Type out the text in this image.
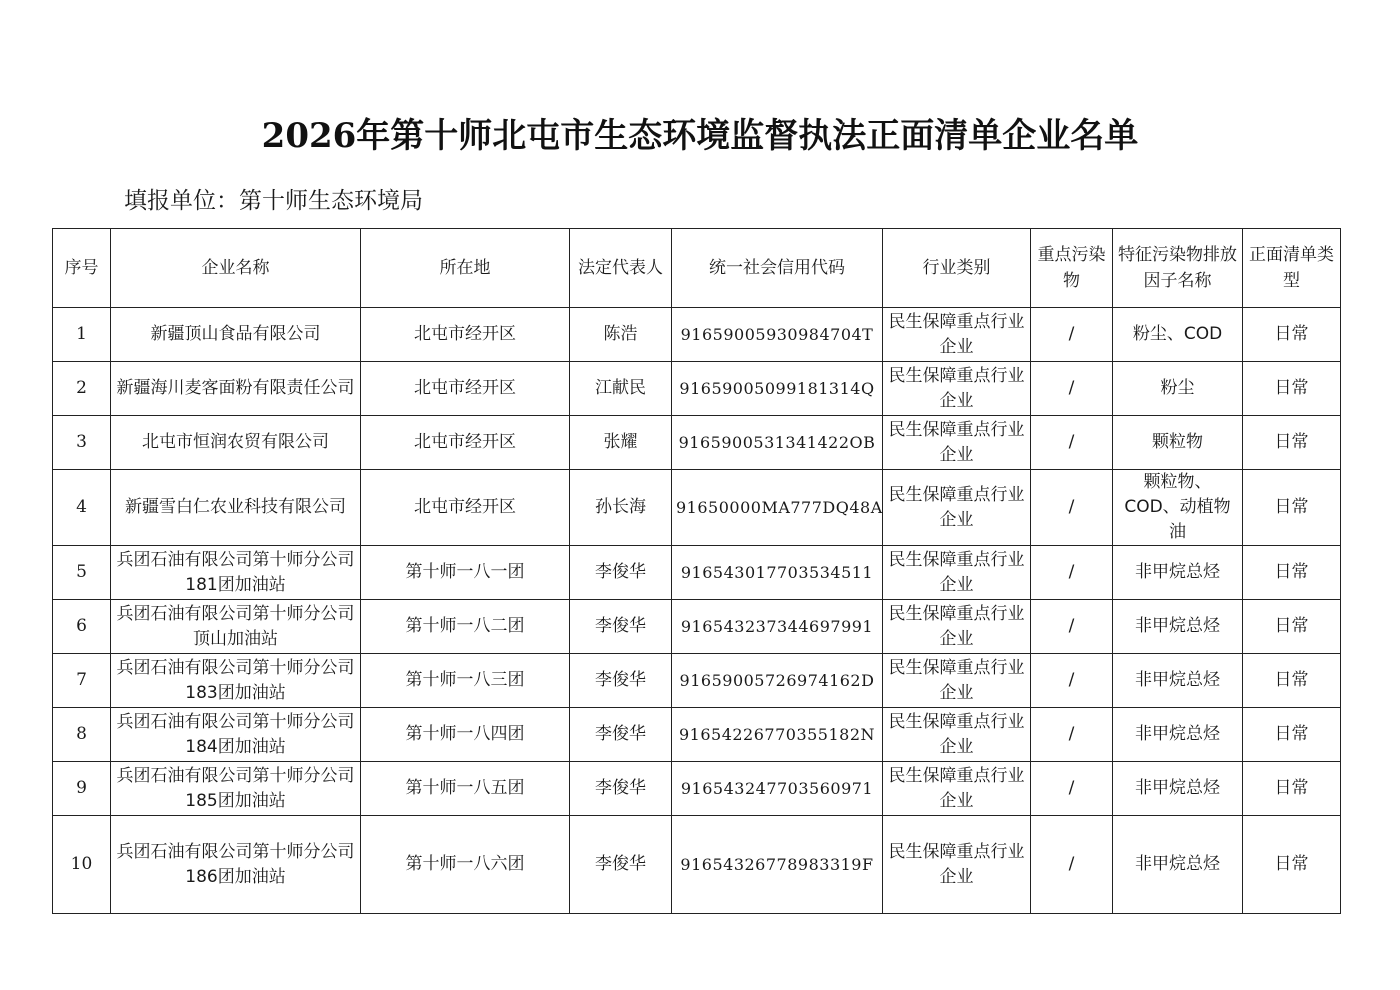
2026年第十师北屯市生态环境监督执法正面清单企业名单
填报单位：第十师生态环境局
序号	企业名称	所在地	法定代表人	统一社会信用代码	行业类别	重点污染物	特征污染物排放因子名称	正面清单类型
1	新疆顶山食品有限公司	北屯市经开区	陈浩	91659005930984704T	民生保障重点行业企业	/	粉尘、COD	日常
2	新疆海川麦客面粉有限责任公司	北屯市经开区	江献民	91659005099181314Q	民生保障重点行业企业	/	粉尘	日常
3	北屯市恒润农贸有限公司	北屯市经开区	张耀	9165900531341422OB	民生保障重点行业企业	/	颗粒物	日常
4	新疆雪白仁农业科技有限公司	北屯市经开区	孙长海	91650000MA777DQ48A	民生保障重点行业企业	/	颗粒物、COD、动植物油	日常
5	兵团石油有限公司第十师分公司181团加油站	第十师一八一团	李俊华	916543017703534511	民生保障重点行业企业	/	非甲烷总烃	日常
6	兵团石油有限公司第十师分公司顶山加油站	第十师一八二团	李俊华	916543237344697991	民生保障重点行业企业	/	非甲烷总烃	日常
7	兵团石油有限公司第十师分公司183团加油站	第十师一八三团	李俊华	91659005726974162D	民生保障重点行业企业	/	非甲烷总烃	日常
8	兵团石油有限公司第十师分公司184团加油站	第十师一八四团	李俊华	91654226770355182N	民生保障重点行业企业	/	非甲烷总烃	日常
9	兵团石油有限公司第十师分公司185团加油站	第十师一八五团	李俊华	916543247703560971	民生保障重点行业企业	/	非甲烷总烃	日常
10	兵团石油有限公司第十师分公司186团加油站	第十师一八六团	李俊华	91654326778983319F	民生保障重点行业企业	/	非甲烷总烃	日常
